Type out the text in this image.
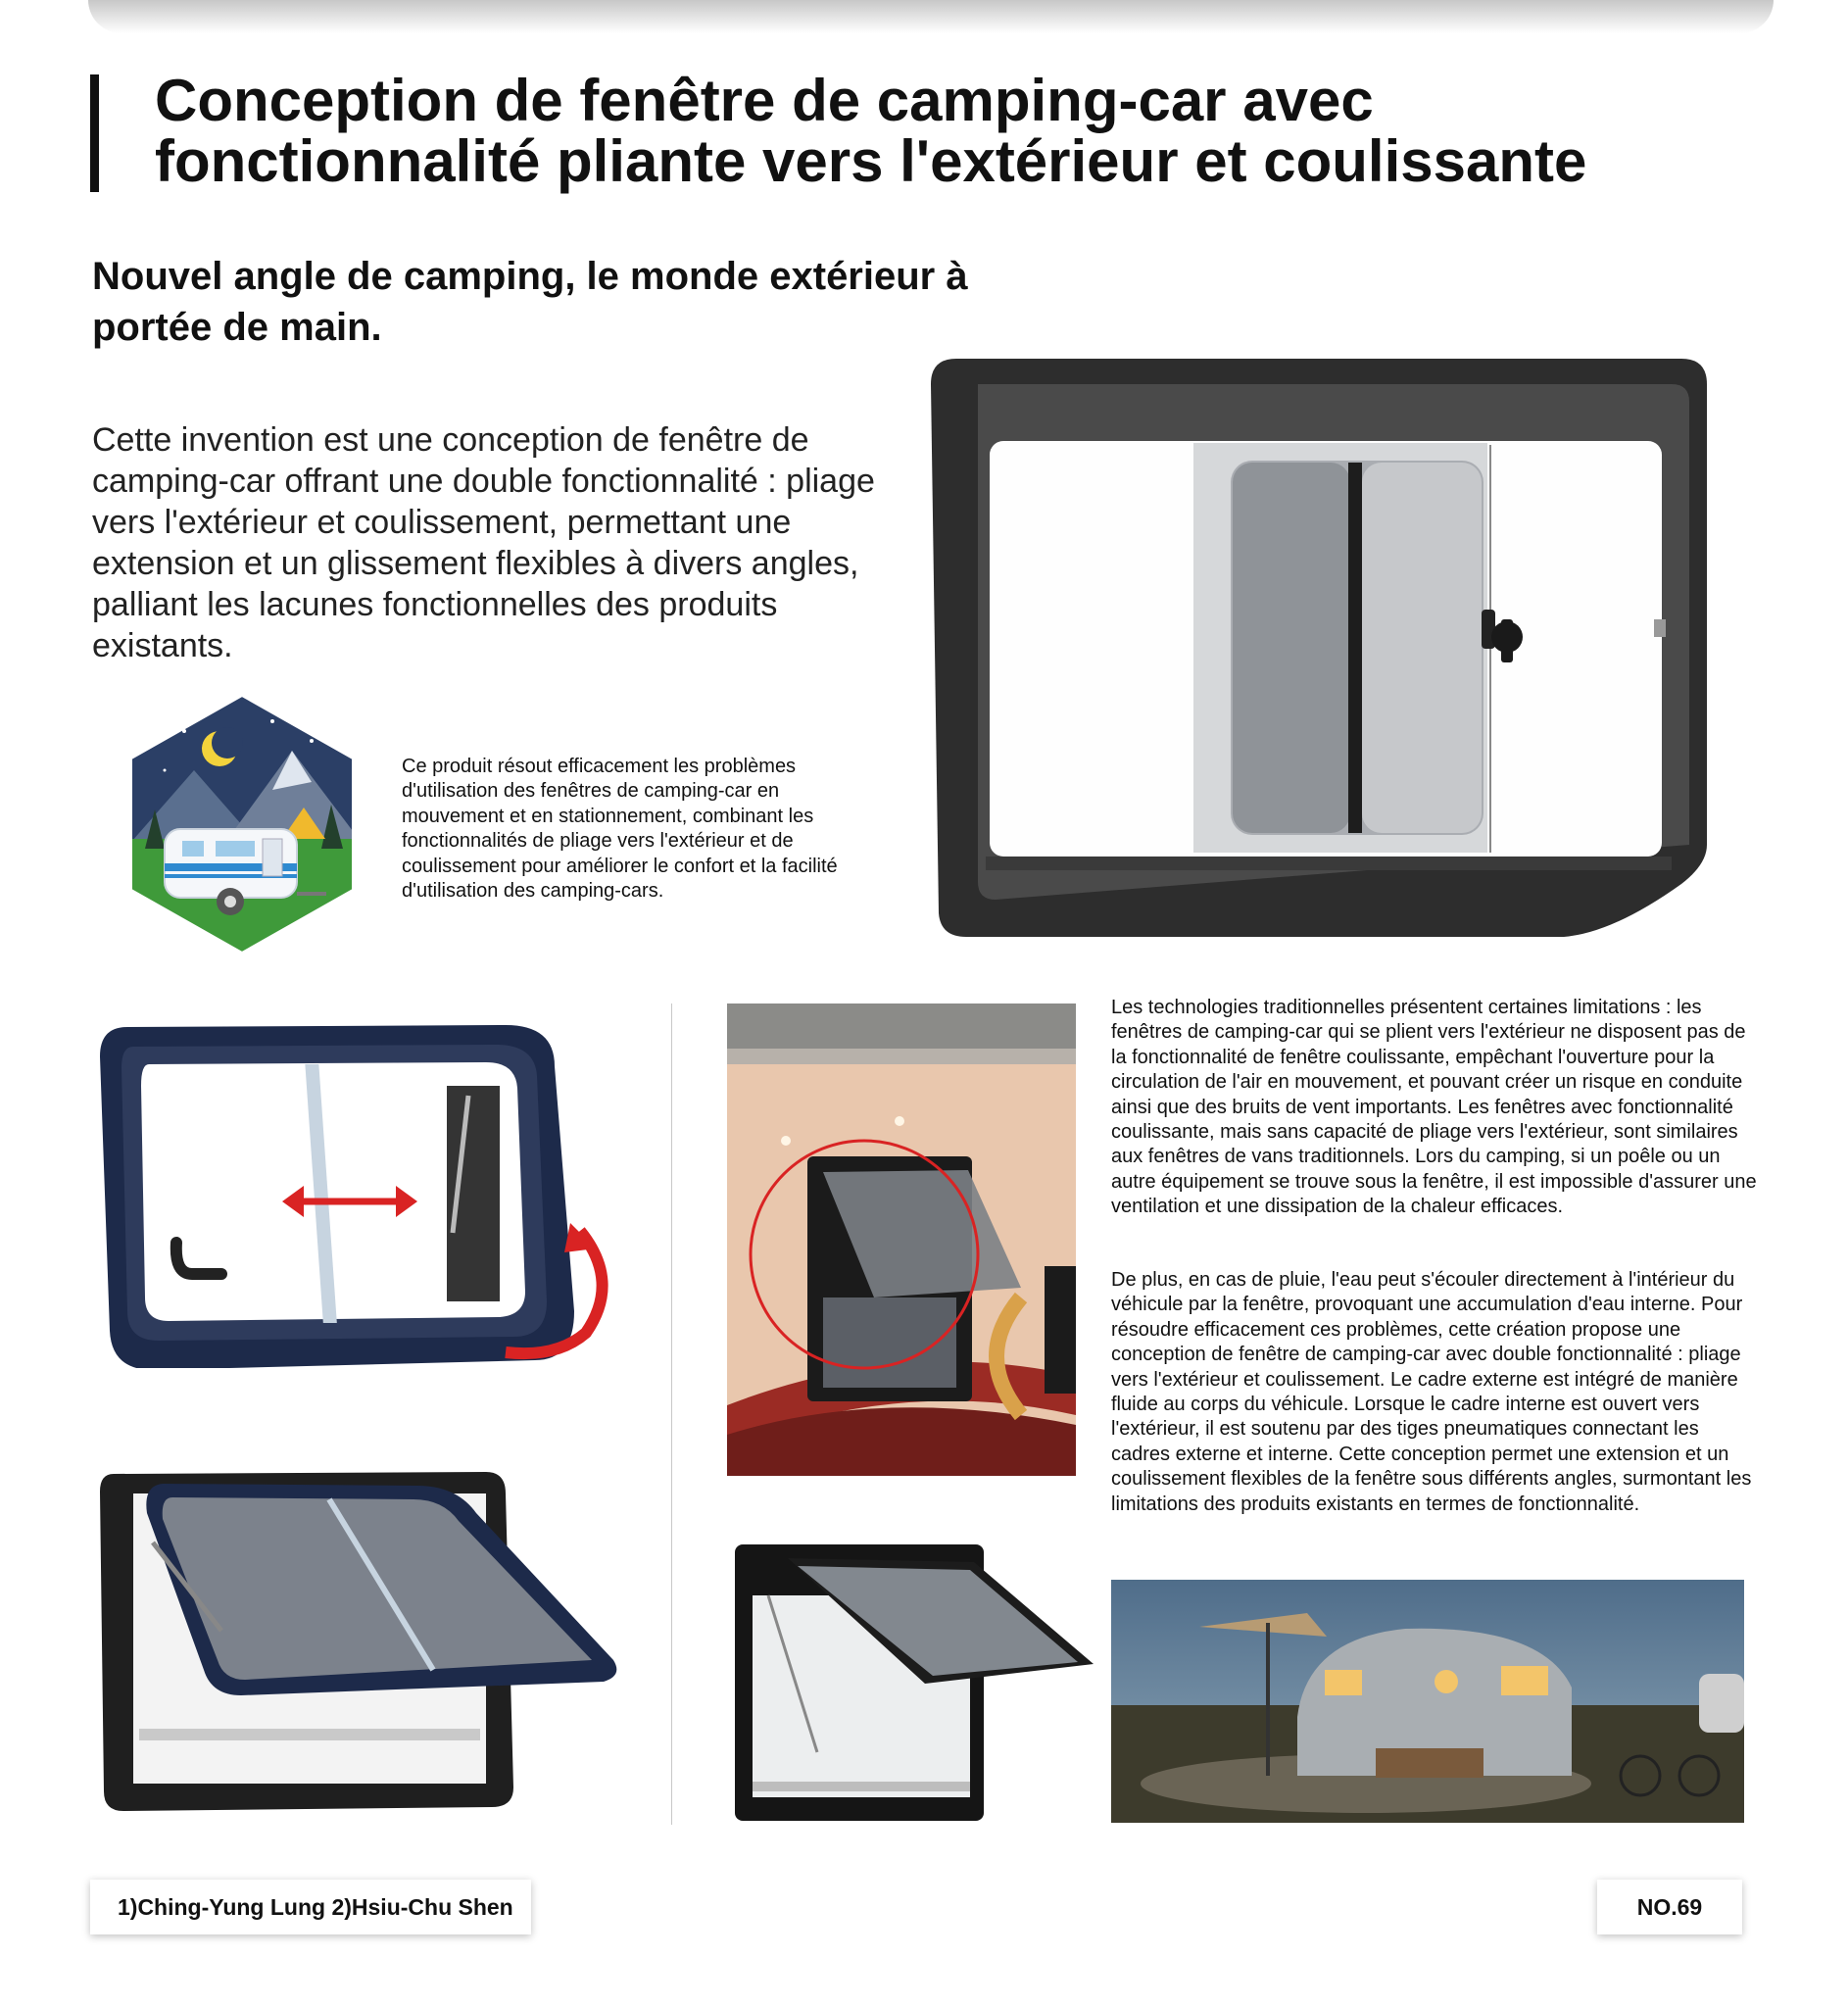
Conception de fenêtre de camping-car avec fonctionnalité pliante vers l'extérieur et coulissante
Nouvel angle de camping, le monde extérieur à portée de main.

Cette invention est une conception de fenêtre de camping-car offrant une double fonctionnalité : pliage vers l'extérieur et coulissement, permettant une extension et un glissement flexibles à divers angles, palliant les lacunes fonctionnelles des produits existants.

Ce produit résout efficacement les problèmes d'utilisation des fenêtres de camping-car en mouvement et en stationnement, combinant les fonctionnalités de pliage vers l'extérieur et de coulissement pour améliorer le confort et la facilité d'utilisation des camping-cars.

Les technologies traditionnelles présentent certaines limitations : les fenêtres de camping-car qui se plient vers l'extérieur ne disposent pas de la fonctionnalité de fenêtre coulissante, empêchant l'ouverture pour la circulation de l'air en mouvement, et pouvant créer un risque en conduite ainsi que des bruits de vent importants. Les fenêtres avec fonctionnalité coulissante, mais sans capacité de pliage vers l'extérieur, sont similaires aux fenêtres de vans traditionnels. Lors du camping, si un poêle ou un autre équipement se trouve sous la fenêtre, il est impossible d'assurer une ventilation et une dissipation de la chaleur efficaces.

De plus, en cas de pluie, l'eau peut s'écouler directement à l'intérieur du véhicule par la fenêtre, provoquant une accumulation d'eau interne. Pour résoudre efficacement ces problèmes, cette création propose une conception de fenêtre de camping-car avec double fonctionnalité : pliage vers l'extérieur et coulissement. Le cadre externe est intégré de manière fluide au corps du véhicule. Lorsque le cadre interne est ouvert vers l'extérieur, il est soutenu par des tiges pneumatiques connectant les cadres externe et interne. Cette conception permet une extension et un coulissement flexibles de la fenêtre sous différents angles, surmontant les limitations des produits existants en termes de fonctionnalité.

1)Ching-Yung Lung 2)Hsiu-Chu Shen	NO.69
